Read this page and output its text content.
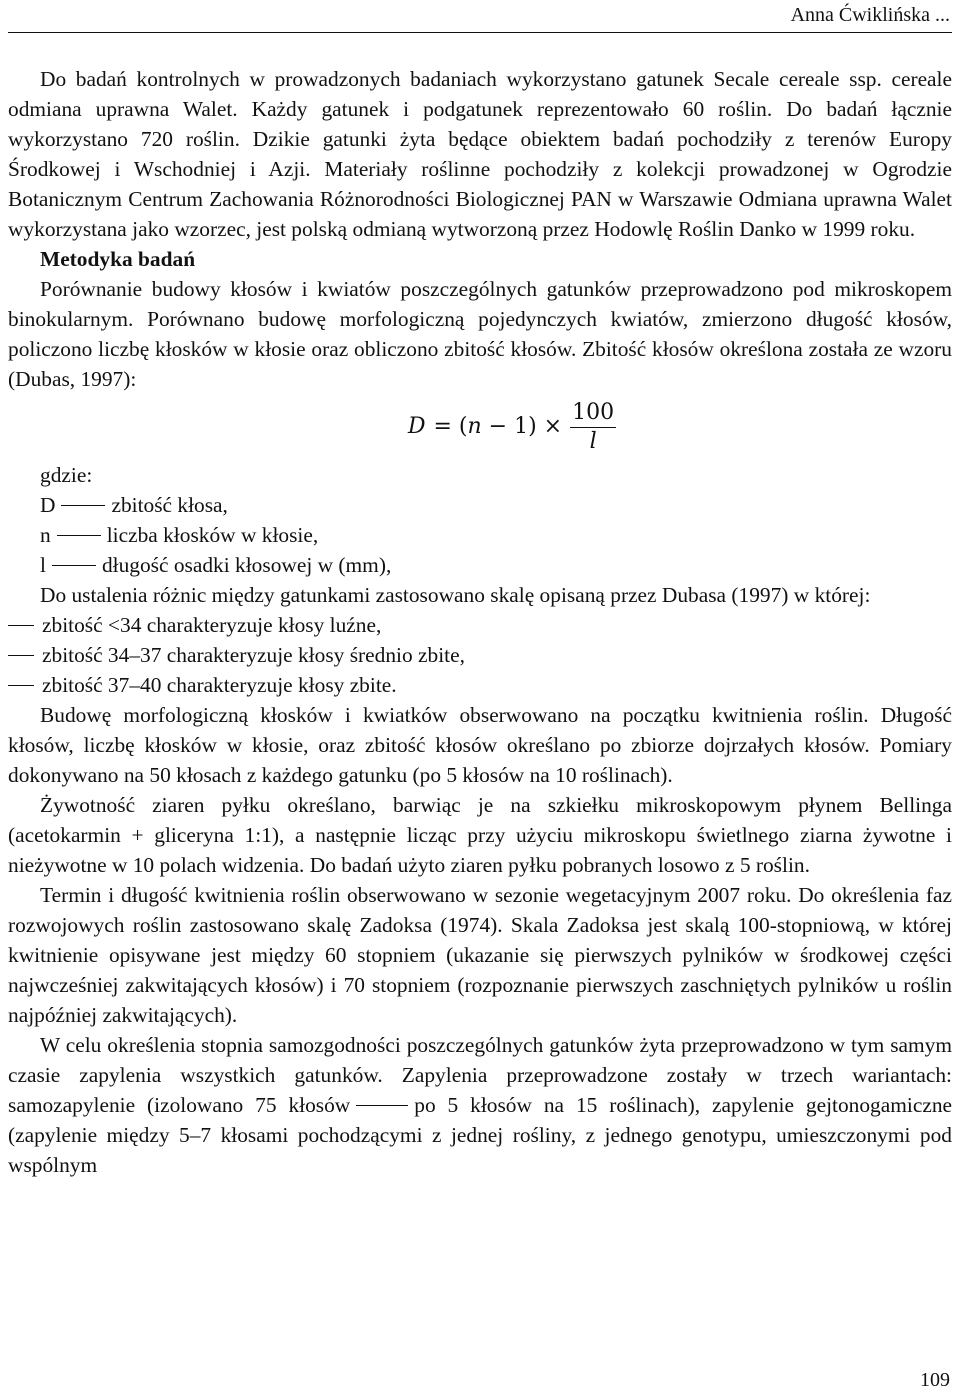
Anna Ćwiklińska ...

Do badań kontrolnych w prowadzonych badaniach wykorzystano gatunek Secale cereale ssp. cereale odmiana uprawna Walet. Każdy gatunek i podgatunek reprezentowało 60 roślin. Do badań łącznie wykorzystano 720 roślin. Dzikie gatunki żyta będące obiektem badań pochodziły z terenów Europy Środkowej i Wschodniej i Azji. Materiały roślinne pochodziły z kolekcji prowadzonej w Ogrodzie Botanicznym Centrum Zachowania Różnorodności Biologicznej PAN w Warszawie Odmiana uprawna Walet wykorzystana jako wzorzec, jest polską odmianą wytworzoną przez Hodowlę Roślin Danko w 1999 roku.

Metodyka badań

Porównanie budowy kłosów i kwiatów poszczególnych gatunków przeprowadzono pod mikroskopem binokularnym. Porównano budowę morfologiczną pojedynczych kwiatów, zmierzono długość kłosów, policzono liczbę kłosków w kłosie oraz obliczono zbitość kłosów. Zbitość kłosów określona została ze wzoru (Dubas, 1997):

D = ( $n - 1) \times \frac{100}{l}$

gdzie:

D	zbitość kłosa,

n	liczba kłosków w kłosie,

l	długość osadki kłosowej w (mm),

Do ustalenia różnic między gatunkami zastosowano skalę opisaną przez Dubasa (1997) w której:

zbitość <34 charakteryzuje kłosy luźne,

zbitość 34–37 charakteryzuje kłosy średnio zbite,

zbitość 37–40 charakteryzuje kłosy zbite.

Budowę morfologiczną kłosków i kwiatków obserwowano na początku kwitnienia roślin. Długość kłosów, liczbę kłosków w kłosie, oraz zbitość kłosów określano po zbiorze dojrzałych kłosów. Pomiary dokonywano na 50 kłosach z każdego gatunku (po 5 kłosów na 10 roślinach).

Żywotność ziaren pyłku określano, barwiąc je na szkiełku mikroskopowym płynem Bellinga (acetokarmin + gliceryna 1:1), a następnie licząc przy użyciu mikroskopu świetlnego ziarna żywotne i nieżywotne w 10 polach widzenia. Do badań użyto ziaren pyłku pobranych losowo z 5 roślin.

Termin i długość kwitnienia roślin obserwowano w sezonie wegetacyjnym 2007 roku. Do określenia faz rozwojowych roślin zastosowano skalę Zadoksa (1974). Skala Zadoksa jest skalą 100-stopniową, w której kwitnienie opisywane jest między 60 stopniem (ukazanie się pierwszych pylników w środkowej części najwcześniej zakwitających kłosów) i 70 stopniem (rozpoznanie pierwszych zaschniętych pylników u roślin najpóźniej zakwitających).

W celu określenia stopnia samozgodności poszczególnych gatunków żyta przeprowadzono w tym samym czasie zapylenia wszystkich gatunków. Zapylenia przeprowadzone zostały w trzech wariantach: samozapylenie (izolowano 75 kłosów	po 5 kłosów na 15 roślinach), zapylenie gejtonogamiczne (zapylenie między 5–7 kłosami pochodzącymi z jednej rośliny, z jednego genotypu, umieszczonymi pod wspólnym

109
